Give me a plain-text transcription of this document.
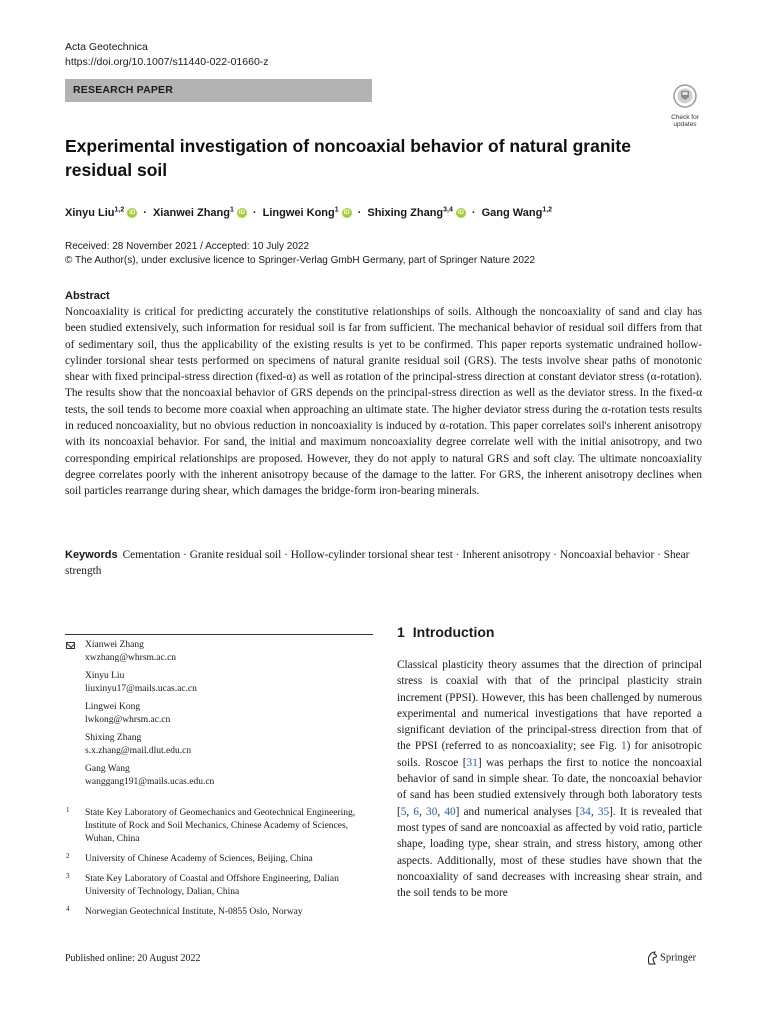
Acta Geotechnica
https://doi.org/10.1007/s11440-022-01660-z
RESEARCH PAPER
Check for updates
Experimental investigation of noncoaxial behavior of natural granite residual soil
Xinyu Liu$^{1,2}$ iD · Xianwei Zhang$^1$ iD · Lingwei Kong$^1$ iD · Shixing Zhang$^{3,4}$ iD · Gang Wang$^{1,2}$
Received: 28 November 2021 / Accepted: 10 July 2022
© The Author(s), under exclusive licence to Springer-Verlag GmbH Germany, part of Springer Nature 2022
Abstract

Noncoaxiality is critical for predicting accurately the constitutive relationships of soils. Although the noncoaxiality of sand and clay has been studied extensively, such information for residual soil is far from sufficient. The mechanical behavior of residual soil differs from that of sedimentary soil, thus the applicability of the existing results is yet to be confirmed. This paper reports systematic undrained hollow-cylinder torsional shear tests performed on specimens of natural granite residual soil (GRS). The tests involve shear paths of monotonic shear with fixed principal-stress direction (fixed-α) as well as rotation of the principal-stress direction at constant deviator stress (α-rotation). The results show that the noncoaxial behavior of GRS depends on the principal-stress direction as well as the deviator stress. In the fixed-α tests, the soil tends to become more coaxial when approaching an ultimate state. The higher deviator stress during the α-rotation tests results in reduced noncoaxiality, but no obvious reduction in noncoaxiality is induced by α-rotation. This paper correlates soil's inherent anisotropy with its noncoaxial behavior. For sand, the initial and maximum noncoaxiality degree correlate well with the initial anisotropy, and two corresponding empirical relationships are proposed. However, they do not apply to natural GRS and soft clay. The ultimate noncoaxiality degree correlates poorly with the inherent anisotropy because of the damage to the latter. For GRS, the inherent anisotropy declines when soil particles rearrange during shear, which damages the bridge-form iron-bearing minerals.

Keywords Cementation · Granite residual soil · Hollow-cylinder torsional shear test · Inherent anisotropy · Noncoaxial behavior · Shear strength
Xianwei Zhang
xwzhang@whrsm.ac.cn
Xinyu Liu
liuxinyu17@mails.ucas.ac.cn
Lingwei Kong
lwkong@whrsm.ac.cn
Shixing Zhang
s.x.zhang@mail.dlut.edu.cn
Gang Wang
wanggang191@mails.ucas.edu.cn
1 State Key Laboratory of Geomechanics and Geotechnical Engineering, Institute of Rock and Soil Mechanics, Chinese Academy of Sciences, Wuhan, China
2 University of Chinese Academy of Sciences, Beijing, China
3 State Key Laboratory of Coastal and Offshore Engineering, Dalian University of Technology, Dalian, China
4 Norwegian Geotechnical Institute, N-0855 Oslo, Norway
1 Introduction

Classical plasticity theory assumes that the direction of principal stress is coaxial with that of the principal plasticity strain increment (PPSI). However, this has been challenged by numerous experimental and numerical investigations that have reported a significant deviation of the principal-stress direction from that of the PPSI (referred to as noncoaxiality; see Fig. 1) for anisotropic soils. Roscoe [31] was perhaps the first to notice the noncoaxial behavior of sand in simple shear. To date, the noncoaxial behavior of sand has been studied extensively through both laboratory tests [5, 6, 30, 40] and numerical analyses [34, 35]. It is revealed that most types of sand are noncoaxial as affected by void ratio, particle shape, loading type, shear strain, and stress history, among other aspects. Additionally, most of these studies have shown that the noncoaxiality of sand decreases with increasing shear strain, and the soil tends to be more

Published online: 20 August 2022	Springer
